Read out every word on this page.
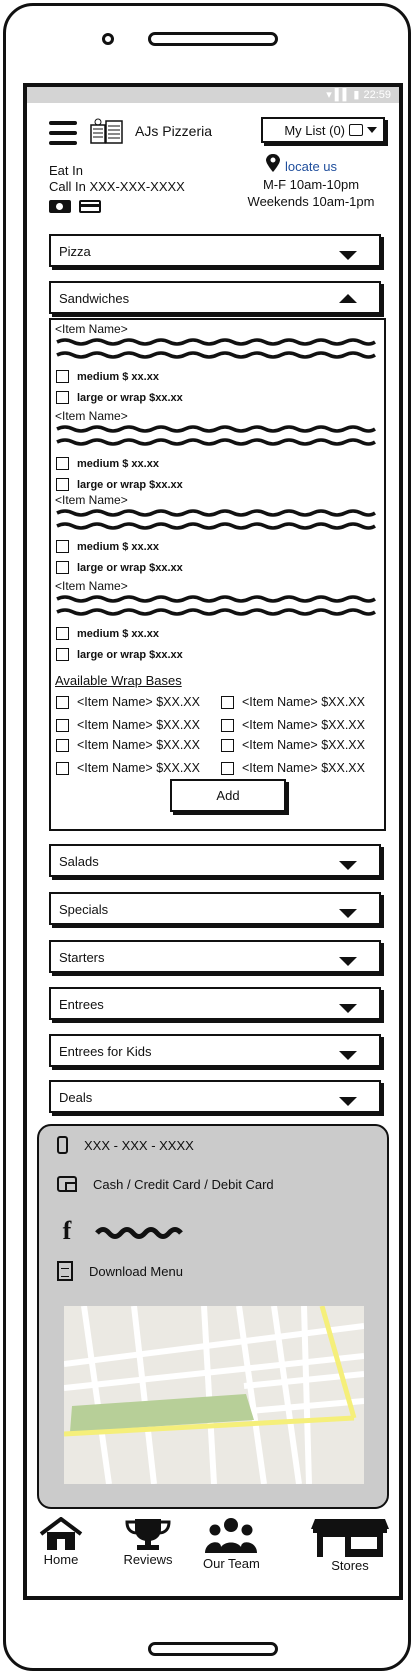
▾ ▌▌ ▮ 22:59
AJs Pizzeria	My List (0)
Eat In
Call In XXX-XXX-XXXX
locate us
M-F 10am-10pm
Weekends 10am-1pm
Pizza
Sandwiches
<Item Name>
medium $ xx.xx
large or wrap $xx.xx
<Item Name>
medium $ xx.xx
large or wrap $xx.xx
<Item Name>
medium $ xx.xx
large or wrap $xx.xx
<Item Name>
medium $ xx.xx
large or wrap $xx.xx
Available Wrap Bases
<Item Name> $XX.XX	<Item Name> $XX.XX
<Item Name> $XX.XX	<Item Name> $XX.XX
<Item Name> $XX.XX	<Item Name> $XX.XX
<Item Name> $XX.XX	<Item Name> $XX.XX
Add
Salads
Specials
Starters
Entrees
Entrees for Kids
Deals
XXX - XXX - XXXX
Cash / Credit Card / Debit Card
f
Download Menu
Home	Reviews Our Team	Stores
